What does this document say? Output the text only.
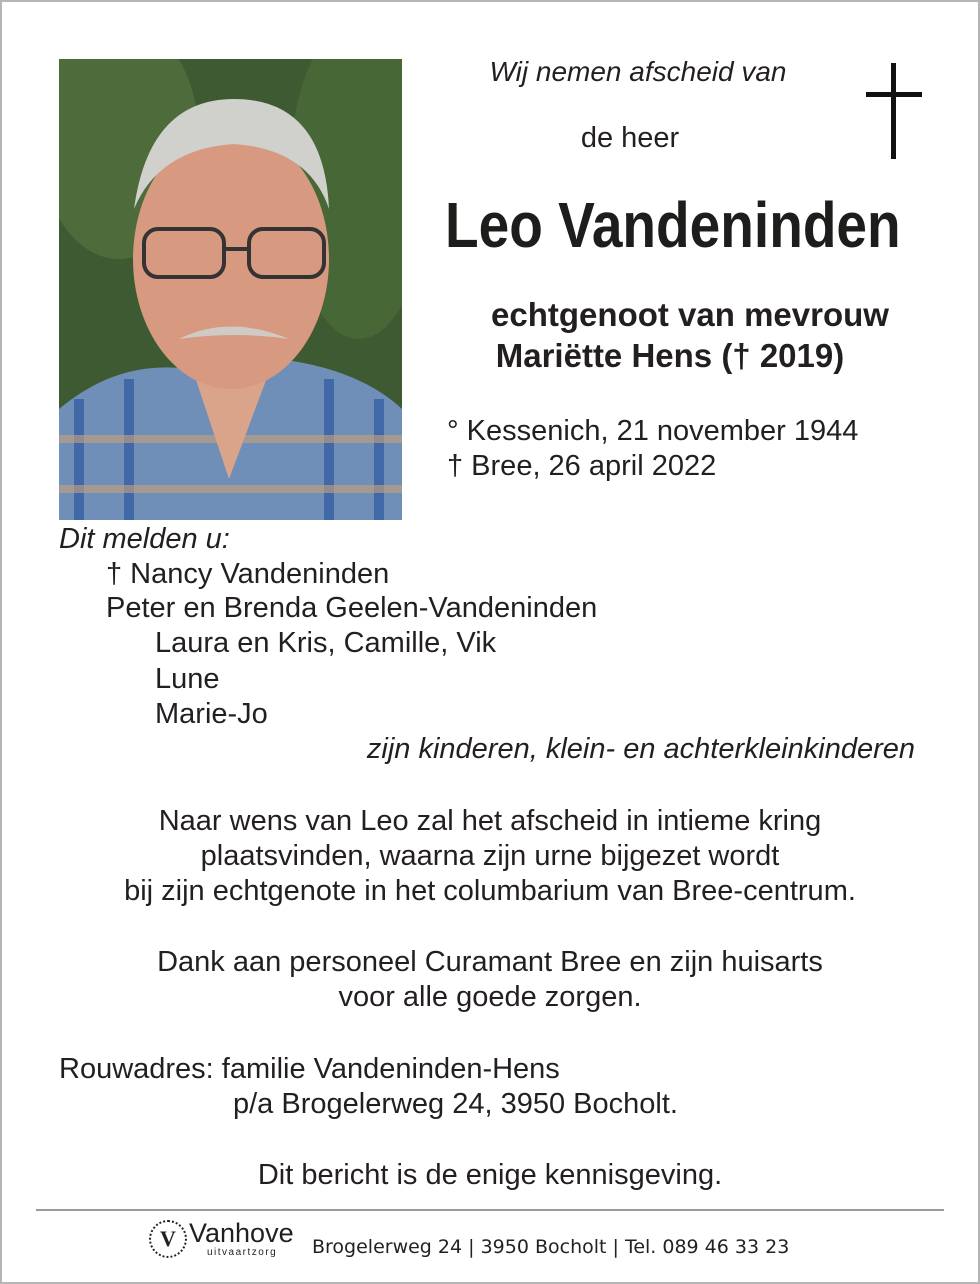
Wij nemen afscheid van
de heer
Leo Vandeninden
echtgenoot van mevrouw
Mariëtte Hens († 2019)
° Kessenich, 21 november 1944
† Bree, 26 april 2022
Dit melden u:
† Nancy Vandeninden
Peter en Brenda Geelen-Vandeninden
Laura en Kris, Camille, Vik
Lune
Marie-Jo
zijn kinderen, klein- en achterkleinkinderen
Naar wens van Leo zal het afscheid in intieme kring
plaatsvinden, waarna zijn urne bijgezet wordt
bij zijn echtgenote in het columbarium van Bree-centrum.
Dank aan personeel Curamant Bree en zijn huisarts
voor alle goede zorgen.
Rouwadres: familie Vandeninden-Hens
p/a Brogelerweg 24, 3950 Bocholt.
Dit bericht is de enige kennisgeving.
V Vanhove
uitvaartzorg Brogelerweg 24 | 3950 Bocholt | Tel. 089 46 33 23
